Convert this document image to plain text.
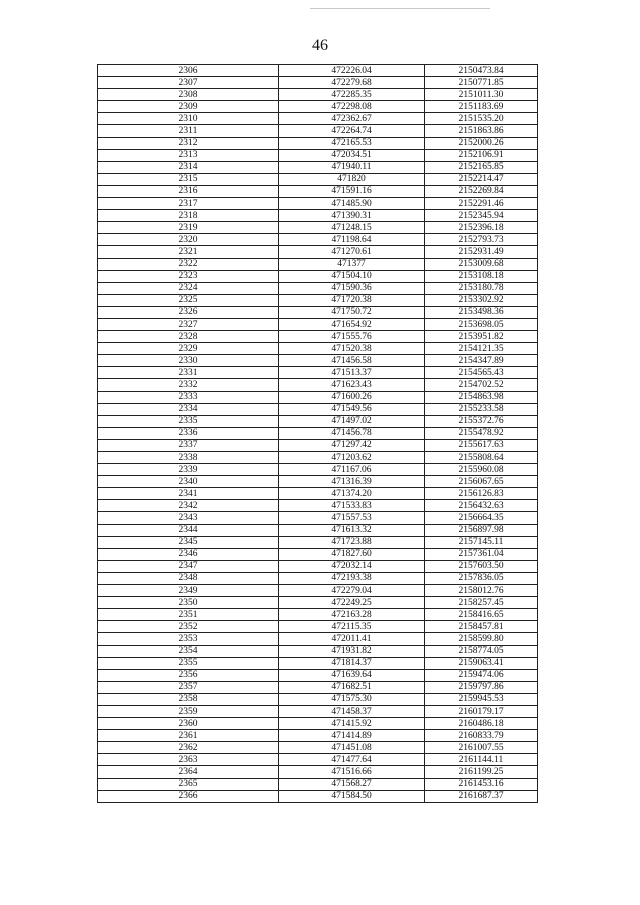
46
2306	472226.04	2150473.84
2307	472279.68	2150771.85
2308	472285.35	2151011.30
2309	472298.08	2151183.69
2310	472362.67	2151535.20
2311	472264.74	2151863.86
2312	472165.53	2152000.26
2313	472034.51	2152106.91
2314	471940.11	2152165.85
2315	471820	2152214.47
2316	471591.16	2152269.84
2317	471485.90	2152291.46
2318	471390.31	2152345.94
2319	471248.15	2152396.18
2320	471198.64	2152793.73
2321	471270.61	2152931.49
2322	471377	2153009.68
2323	471504.10	2153108.18
2324	471590.36	2153180.78
2325	471720.38	2153302.92
2326	471750.72	2153498.36
2327	471654.92	2153698.05
2328	471555.76	2153951.82
2329	471520.38	2154121.35
2330	471456.58	2154347.89
2331	471513.37	2154565.43
2332	471623.43	2154702.52
2333	471600.26	2154863.98
2334	471549.56	2155233.58
2335	471497.02	2155372.76
2336	471456.78	2155478.92
2337	471297.42	2155617.63
2338	471203.62	2155808.64
2339	471167.06	2155960.08
2340	471316.39	2156067.65
2341	471374.20	2156126.83
2342	471533.83	2156432.63
2343	471557.53	2156664.35
2344	471613.32	2156897.98
2345	471723.88	2157145.11
2346	471827.60	2157361.04
2347	472032.14	2157603.50
2348	472193.38	2157836.05
2349	472279.04	2158012.76
2350	472249.25	2158257.45
2351	472163.28	2158416.65
2352	472115.35	2158457.81
2353	472011.41	2158599.80
2354	471931.82	2158774.05
2355	471814.37	2159063.41
2356	471639.64	2159474.06
2357	471682.51	2159797.86
2358	471575.30	2159945.53
2359	471458.37	2160179.17
2360	471415.92	2160486.18
2361	471414.89	2160833.79
2362	471451.08	2161007.55
2363	471477.64	2161144.11
2364	471516.66	2161199.25
2365	471568.27	2161453.16
2366	471584.50	2161687.37
